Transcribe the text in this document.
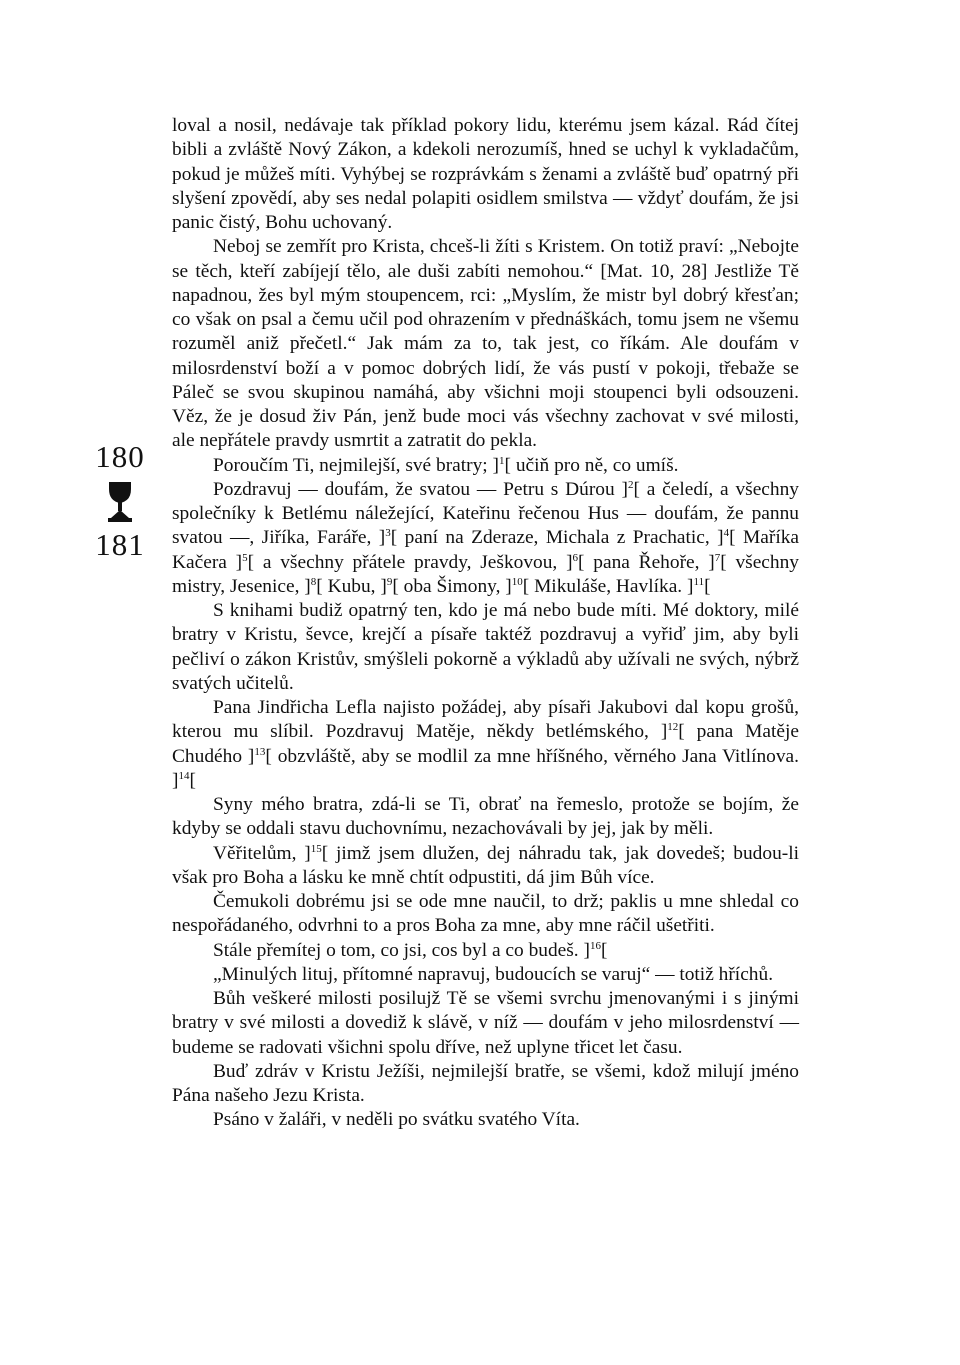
180
181

loval a nosil, nedávaje tak příklad pokory lidu, kterému jsem kázal. Rád čítej bibli a zvláště Nový Zákon, a kdekoli nerozumíš, hned se uchyl k vykladačům, pokud je můžeš míti. Vyhýbej se rozprávkám s ženami a zvláště buď opatrný při slyšení zpovědí, aby ses nedal polapiti osidlem smilstva — vždyť doufám, že jsi panic čistý, Bohu uchovaný.

Neboj se zemřít pro Krista, chceš-li žíti s Kristem. On totiž praví: „Nebojte se těch, kteří zabíjejí tělo, ale duši zabíti nemohou.“ [Mat. 10, 28] Jestliže Tě napadnou, žes byl mým stoupencem, rci: „Myslím, že mistr byl dobrý křesťan; co však on psal a čemu učil pod ohrazením v přednáškách, tomu jsem ne všemu rozuměl aniž přečetl.“ Jak mám za to, tak jest, co říkám. Ale doufám v milosrdenství boží a v pomoc dobrých lidí, že vás pustí v pokoji, třebaže se Páleč se svou skupinou namáhá, aby všichni moji stoupenci byli odsouzeni. Věz, že je dosud živ Pán, jenž bude moci vás všechny zachovat v své milosti, ale nepřátele pravdy usmrtit a zatratit do pekla.

Poroučím Ti, nejmilejší, své bratry; ]$^1$[ učiň pro ně, co umíš.

Pozdravuj — doufám, že svatou — Petru s Dúrou ]$^2$[ a čeledí, a všechny společníky k Betlému náležející, Kateřinu řečenou Hus — doufám, že pannu svatou —, Jiříka, Faráře, ]$^3$[ paní na Zderaze, Michala z Prachatic, ]$^4$[ Maříka Kačera ]$^5$[ a všechny přátele pravdy, Ješkovou, ]$^6$[ pana Řehoře, ]$^7$[ všechny mistry, Jesenice, ]$^8$[ Kubu, ]$^9$[ oba Šimony, ]$^{10}$[ Mikuláše, Havlíka. ]$^{11}$[

S knihami budiž opatrný ten, kdo je má nebo bude míti. Mé doktory, milé bratry v Kristu, ševce, krejčí a písaře taktéž pozdravuj a vyřiď jim, aby byli pečliví o zákon Kristův, smýšleli pokorně a výkladů aby užívali ne svých, nýbrž svatých učitelů.

Pana Jindřicha Lefla najisto požádej, aby písaři Jakubovi dal kopu grošů, kterou mu slíbil. Pozdravuj Matěje, někdy betlémského, ]$^{12}$[ pana Matěje Chudého ]$^{13}$[ obzvláště, aby se modlil za mne hříšného, věrného Jana Vitlínova. ]$^{14}$[

Syny mého bratra, zdá-li se Ti, obrať na řemeslo, protože se bojím, že kdyby se oddali stavu duchovnímu, nezachovávali by jej, jak by měli.

Věřitelům, ]$^{15}$[ jimž jsem dlužen, dej náhradu tak, jak dovedeš; budou-li však pro Boha a lásku ke mně chtít odpustiti, dá jim Bůh více.

Čemukoli dobrému jsi se ode mne naučil, to drž; paklis u mne shledal co nespořádaného, odvrhni to a pros Boha za mne, aby mne ráčil ušetřiti.

Stále přemítej o tom, co jsi, cos byl a co budeš. ]$^{16}$[

„Minulých lituj, přítomné napravuj, budoucích se varuj“ — totiž hříchů.

Bůh veškeré milosti posilujž Tě se všemi svrchu jmenovanými i s jinými bratry v své milosti a dovediž k slávě, v níž — doufám v jeho milosrdenství — budeme se radovati všichni spolu dříve, než uplyne třicet let času.

Buď zdráv v Kristu Ježíši, nejmilejší bratře, se všemi, kdož milují jméno Pána našeho Jezu Krista.

Psáno v žaláři, v neděli po svátku svatého Víta.
